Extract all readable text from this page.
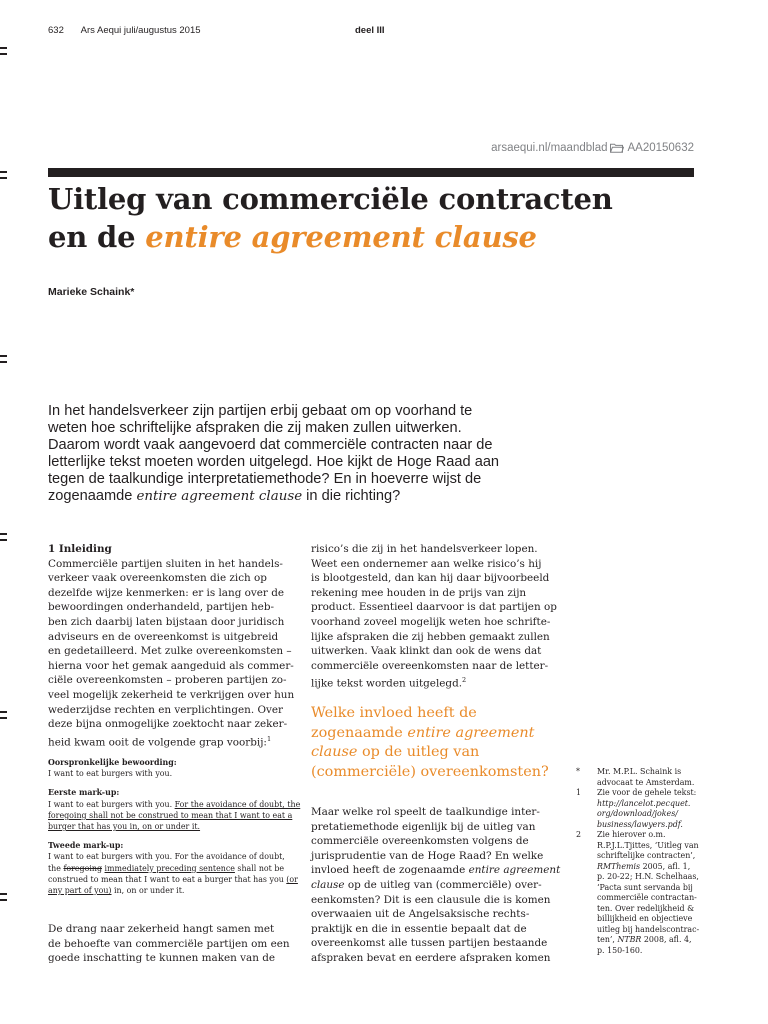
632 Ars Aequi juli/augustus 2015	deel III
arsaequi.nl/maandblad AA20150632
Uitleg van commerciële contracten
en de entire agreement clause
Marieke Schaink*
In het handelsverkeer zijn partijen erbij gebaat om op voorhand te
weten hoe schriftelijke afspraken die zij maken zullen uitwerken.
Daarom wordt vaak aangevoerd dat commerciële contracten naar de
letterlijke tekst moeten worden uitgelegd. Hoe kijkt de Hoge Raad aan
tegen de taalkundige interpretatiemethode? En in hoeverre wijst de
zogenaamde entire agreement clause in die richting?
1 Inleiding
Commerciële partijen sluiten in het handels-
verkeer vaak overeenkomsten die zich op
dezelfde wijze kenmerken: er is lang over de
bewoordingen onderhandeld, partijen heb-
ben zich daarbij laten bijstaan door juridisch
adviseurs en de overeenkomst is uitgebreid
en gedetailleerd. Met zulke overeenkomsten –
hierna voor het gemak aangeduid als commer-
ciële overeenkomsten – proberen partijen zo-
veel mogelijk zekerheid te verkrijgen over hun
wederzijdse rechten en verplichtingen. Over
deze bijna onmogelijke zoektocht naar zeker-
heid kwam ooit de volgende grap voorbij:$^1$
Oorspronkelijke bewoording:
I want to eat burgers with you.
Eerste mark-up:
I want to eat burgers with you. For the avoidance of doubt, the
foregoing shall not be construed to mean that I want to eat a
burger that has you in, on or under it.
Tweede mark-up:
I want to eat burgers with you. For the avoidance of doubt,
the foregoing immediately preceding sentence shall not be
construed to mean that I want to eat a burger that has you (or
any part of you) in, on or under it.
De drang naar zekerheid hangt samen met
de behoefte van commerciële partijen om een
goede inschatting te kunnen maken van de
risico’s die zij in het handelsverkeer lopen.
Weet een ondernemer aan welke risico’s hij
is blootgesteld, dan kan hij daar bijvoorbeeld
rekening mee houden in de prijs van zijn
product. Essentieel daarvoor is dat partijen op
voorhand zoveel mogelijk weten hoe schrifte-
lijke afspraken die zij hebben gemaakt zullen
uitwerken. Vaak klinkt dan ook de wens dat
commerciële overeenkomsten naar de letter-
lijke tekst worden uitgelegd.$^2$
Welke invloed heeft de
zogenaamde entire agreement
clause op de uitleg van
(commerciële) overeenkomsten?
Maar welke rol speelt de taalkundige inter-
pretatiemethode eigenlijk bij de uitleg van
commerciële overeenkomsten volgens de
jurisprudentie van de Hoge Raad? En welke
invloed heeft de zogenaamde entire agreement
clause op de uitleg van (commerciële) over-
eenkomsten? Dit is een clausule die is komen
overwaaien uit de Angelsaksische rechts-
praktijk en die in essentie bepaalt dat de
overeenkomst alle tussen partijen bestaande
afspraken bevat en eerdere afspraken komen
* Mr. M.P.L. Schaink is
advocaat te Amsterdam.
1 Zie voor de gehele tekst:
http://lancelot.pecquet.
org/download/jokes/
business/lawyers.pdf.
2 Zie hierover o.m.
R.P.J.L.Tjittes, ‘Uitleg van
schriftelijke contracten’,
RMThemis 2005, afl. 1,
p. 20-22; H.N. Schelhaas,
‘Pacta sunt servanda bij
commerciële contractan-
ten. Over redelijkheid &
billijkheid en objectieve
uitleg bij handelscontrac-
ten’, NTBR 2008, afl. 4,
p. 150-160.
